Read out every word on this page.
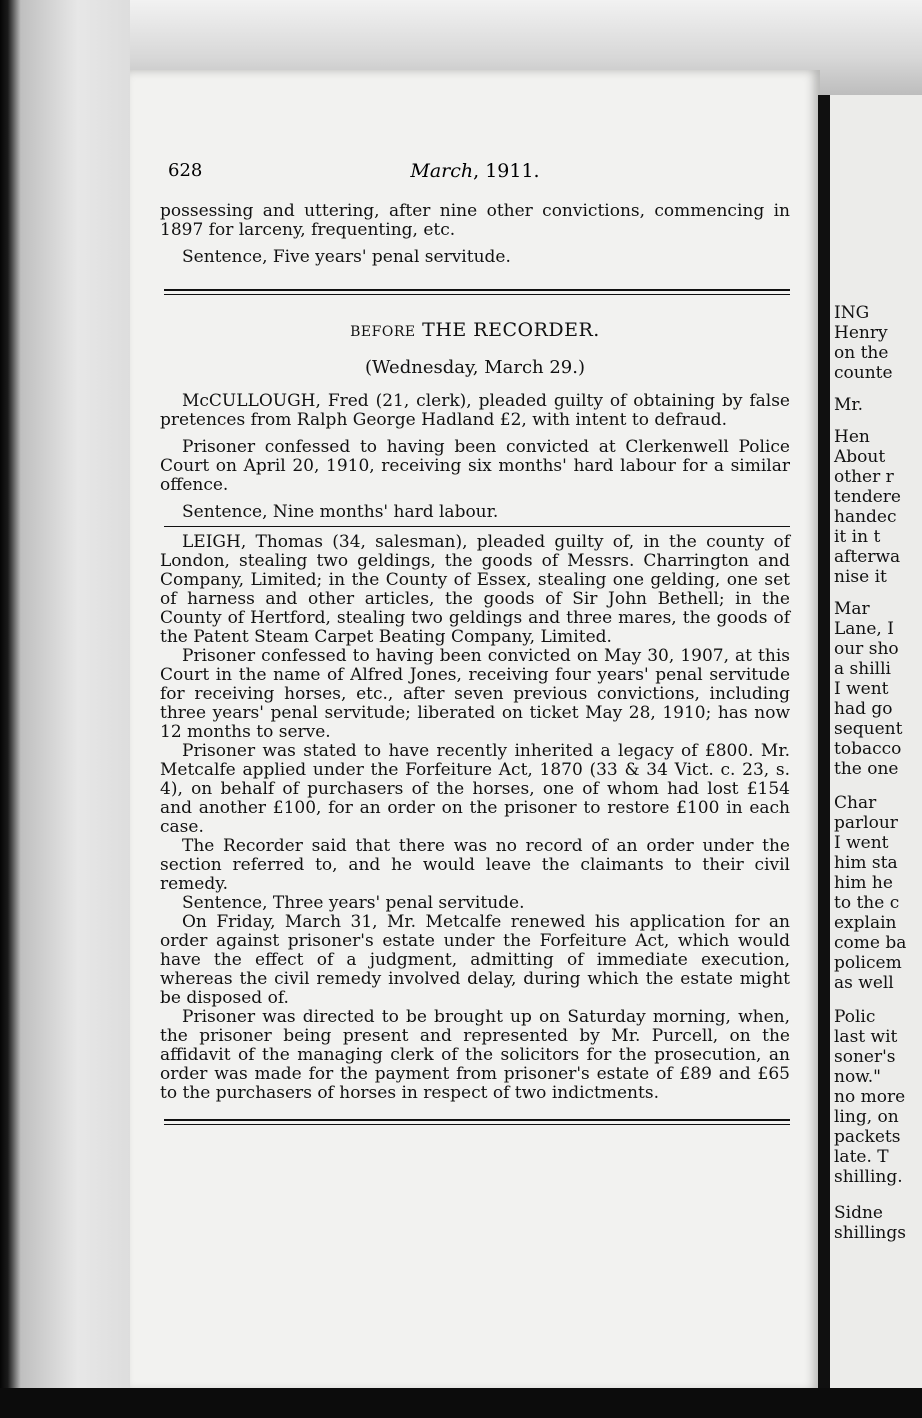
628	March, 1911.

possessing and uttering, after nine other convictions, commencing in 1897 for larceny, frequenting, etc.

Sentence, Five years' penal servitude.

BEFORE THE RECORDER.
(Wednesday, March 29.)

McCULLOUGH, Fred (21, clerk), pleaded guilty of obtaining by false pretences from Ralph George Hadland £2, with intent to defraud.

Prisoner confessed to having been convicted at Clerkenwell Police Court on April 20, 1910, receiving six months' hard labour for a similar offence.

Sentence, Nine months' hard labour.

LEIGH, Thomas (34, salesman), pleaded guilty of, in the county of London, stealing two geldings, the goods of Messrs. Charrington and Company, Limited; in the County of Essex, stealing one gelding, one set of harness and other articles, the goods of Sir John Bethell; in the County of Hertford, stealing two geldings and three mares, the goods of the Patent Steam Carpet Beating Company, Limited.

Prisoner confessed to having been convicted on May 30, 1907, at this Court in the name of Alfred Jones, receiving four years' penal servitude for receiving horses, etc., after seven previous convictions, including three years' penal servitude; liberated on ticket May 28, 1910; has now 12 months to serve.

Prisoner was stated to have recently inherited a legacy of £800. Mr. Metcalfe applied under the Forfeiture Act, 1870 (33 & 34 Vict. c. 23, s. 4), on behalf of purchasers of the horses, one of whom had lost £154 and another £100, for an order on the prisoner to restore £100 in each case.

The Recorder said that there was no record of an order under the section referred to, and he would leave the claimants to their civil remedy.

Sentence, Three years' penal servitude.

On Friday, March 31, Mr. Metcalfe renewed his application for an order against prisoner's estate under the Forfeiture Act, which would have the effect of a judgment, admitting of immediate execution, whereas the civil remedy involved delay, during which the estate might be disposed of.

Prisoner was directed to be brought up on Saturday morning, when, the prisoner being present and represented by Mr. Purcell, on the affidavit of the managing clerk of the solicitors for the prosecution, an order was made for the payment from prisoner's estate of £89 and £65 to the purchasers of horses in respect of two indictments.

ING
Henry
on the
counte
Mr.
Hen
About
other r
tendere
handec
it in t
afterwa
nise it
Mar
Lane, I
our sho
a shilli
I went
had go
sequent
tobacco
the one
Char
parlour
I went
him sta
him he
to the c
explain
come ba
policem
as well
Polic
last wit
soner's
now."
no more
ling, on
packets
late. T
shilling.
Sidne
shillings
